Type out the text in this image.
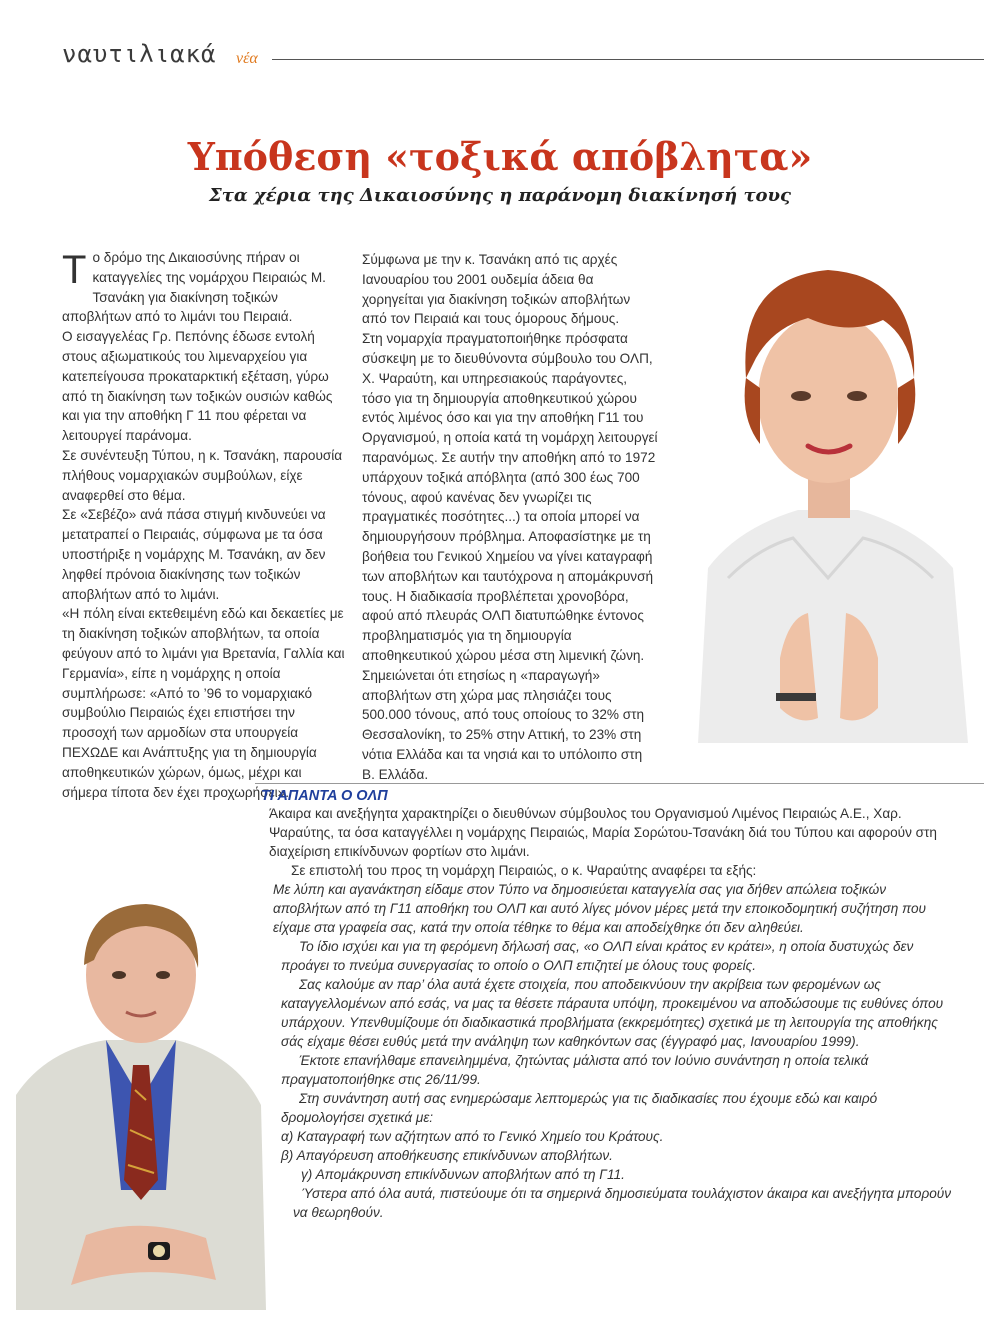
ναυτιλιακά νέα
Υπόθεση «τοξικά απόβλητα»
Στα χέρια της Δικαιοσύνης η παράνομη διακίνησή τους

Το δρόμο της Δικαιοσύνης πήραν οι καταγγελίες της νομάρχου Πειραιώς Μ. Τσανάκη για διακίνηση τοξικών αποβλήτων από το λιμάνι του Πειραιά.

Ο εισαγγελέας Γρ. Πεπόνης έδωσε εντολή στους αξιωματικούς του λιμεναρχείου για κατεπείγουσα προκαταρκτική εξέταση, γύρω από τη διακίνηση των τοξικών ουσιών καθώς και για την αποθήκη Γ 11 που φέρεται να λειτουργεί παράνομα.

Σε συνέντευξη Τύπου, η κ. Τσανάκη, παρουσία πλήθους νομαρχιακών συμβούλων, είχε αναφερθεί στο θέμα.

Σε «Σεβέζο» ανά πάσα στιγμή κινδυνεύει να μετατραπεί ο Πειραιάς, σύμφωνα με τα όσα υποστήριξε η νομάρχης Μ. Τσανάκη, αν δεν ληφθεί πρόνοια διακίνησης των τοξικών αποβλήτων από το λιμάνι.

«Η πόλη είναι εκτεθειμένη εδώ και δεκαετίες με τη διακίνηση τοξικών αποβλήτων, τα οποία φεύγουν από το λιμάνι για Βρετανία, Γαλλία και Γερμανία», είπε η νομάρχης η οποία συμπλήρωσε: «Από το ’96 το νομαρχιακό συμβούλιο Πειραιώς έχει επιστήσει την προσοχή των αρμοδίων στα υπουργεία ΠΕΧΩΔΕ και Ανάπτυξης για τη δημιουργία αποθηκευτικών χώρων, όμως, μέχρι και σήμερα τίποτα δεν έχει προχωρήσει».

Σύμφωνα με την κ. Τσανάκη από τις αρχές Ιανουαρίου του 2001 ουδεμία άδεια θα χορηγείται για διακίνηση τοξικών αποβλήτων από τον Πειραιά και τους όμορους δήμους.

Στη νομαρχία πραγματοποιήθηκε πρόσφατα σύσκεψη με το διευθύνοντα σύμβουλο του ΟΛΠ, Χ. Ψαραύτη, και υπηρεσιακούς παράγοντες, τόσο για τη δημιουργία αποθηκευτικού χώρου εντός λιμένος όσο και για την αποθήκη Γ11 του Οργανισμού, η οποία κατά τη νομάρχη λειτουργεί παρανόμως. Σε αυτήν την αποθήκη από το 1972 υπάρχουν τοξικά απόβλητα (από 300 έως 700 τόνους, αφού κανένας δεν γνωρίζει τις πραγματικές ποσότητες...) τα οποία μπορεί να δημιουργήσουν πρόβλημα. Αποφασίστηκε με τη βοήθεια του Γενικού Χημείου να γίνει καταγραφή των αποβλήτων και ταυτόχρονα η απομάκρυνσή τους. Η διαδικασία προβλέπεται χρονοβόρα, αφού από πλευράς ΟΛΠ διατυπώθηκε έντονος προβληματισμός για τη δημιουργία αποθηκευτικού χώρου μέσα στη λιμενική ζώνη. Σημειώνεται ότι ετησίως η «παραγωγή» αποβλήτων στη χώρα μας πλησιάζει τους 500.000 τόνους, από τους οποίους το 32% στη Θεσσαλονίκη, το 25% στην Αττική, το 23% στη νότια Ελλάδα και τα νησιά και το υπόλοιπο στη Β. Ελλάδα.

ΤΙ ΑΠΑΝΤΑ Ο ΟΛΠ

Άκαιρα και ανεξήγητα χαρακτηρίζει ο διευθύνων σύμβουλος του Οργανισμού Λιμένος Πειραιώς Α.Ε., Χαρ. Ψαραύτης, τα όσα καταγγέλλει η νομάρχης Πειραιώς, Μαρία Σορώτου-Τσανάκη διά του Τύπου και αφορούν στη διαχείριση επικίνδυνων φορτίων στο λιμάνι.

Σε επιστολή του προς τη νομάρχη Πειραιώς, ο κ. Ψαραύτης αναφέρει τα εξής:

Με λύπη και αγανάκτηση είδαμε στον Τύπο να δημοσιεύεται καταγγελία σας για δήθεν απώλεια τοξικών αποβλήτων από τη Γ11 αποθήκη του ΟΛΠ και αυτό λίγες μόνον μέρες μετά την εποικοδομητική συζήτηση που είχαμε στα γραφεία σας, κατά την οποία τέθηκε το θέμα και αποδείχθηκε ότι δεν αληθεύει.

Το ίδιο ισχύει και για τη φερόμενη δήλωσή σας, «ο ΟΛΠ είναι κράτος εν κράτει», η οποία δυστυχώς δεν προάγει το πνεύμα συνεργασίας το οποίο ο ΟΛΠ επιζητεί με όλους τους φορείς.

Σας καλούμε αν παρ’ όλα αυτά έχετε στοιχεία, που αποδεικνύουν την ακρίβεια των φερομένων ως καταγγελλομένων από εσάς, να μας τα θέσετε πάραυτα υπόψη, προκειμένου να αποδώσουμε τις ευθύνες όπου υπάρχουν. Υπενθυμίζουμε ότι διαδικαστικά προβλήματα (εκκρεμότητες) σχετικά με τη λειτουργία της αποθήκης σάς είχαμε θέσει ευθύς μετά την ανάληψη των καθηκόντων σας (έγγραφό μας, Ιανουαρίου 1999).

Έκτοτε επανήλθαμε επανειλημμένα, ζητώντας μάλιστα από τον Ιούνιο συνάντηση η οποία τελικά πραγματοποιήθηκε στις 26/11/99.

Στη συνάντηση αυτή σας ενημερώσαμε λεπτομερώς για τις διαδικασίες που έχουμε εδώ και καιρό δρομολογήσει σχετικά με:

α) Καταγραφή των αζήτητων από το Γενικό Χημείο του Κράτους.

β) Απαγόρευση αποθήκευσης επικίνδυνων αποβλήτων.

γ) Απομάκρυνση επικίνδυνων αποβλήτων από τη Γ11.

Ύστερα από όλα αυτά, πιστεύουμε ότι τα σημερινά δημοσιεύματα τουλάχιστον άκαιρα και ανεξήγητα μπορούν να θεωρηθούν.
